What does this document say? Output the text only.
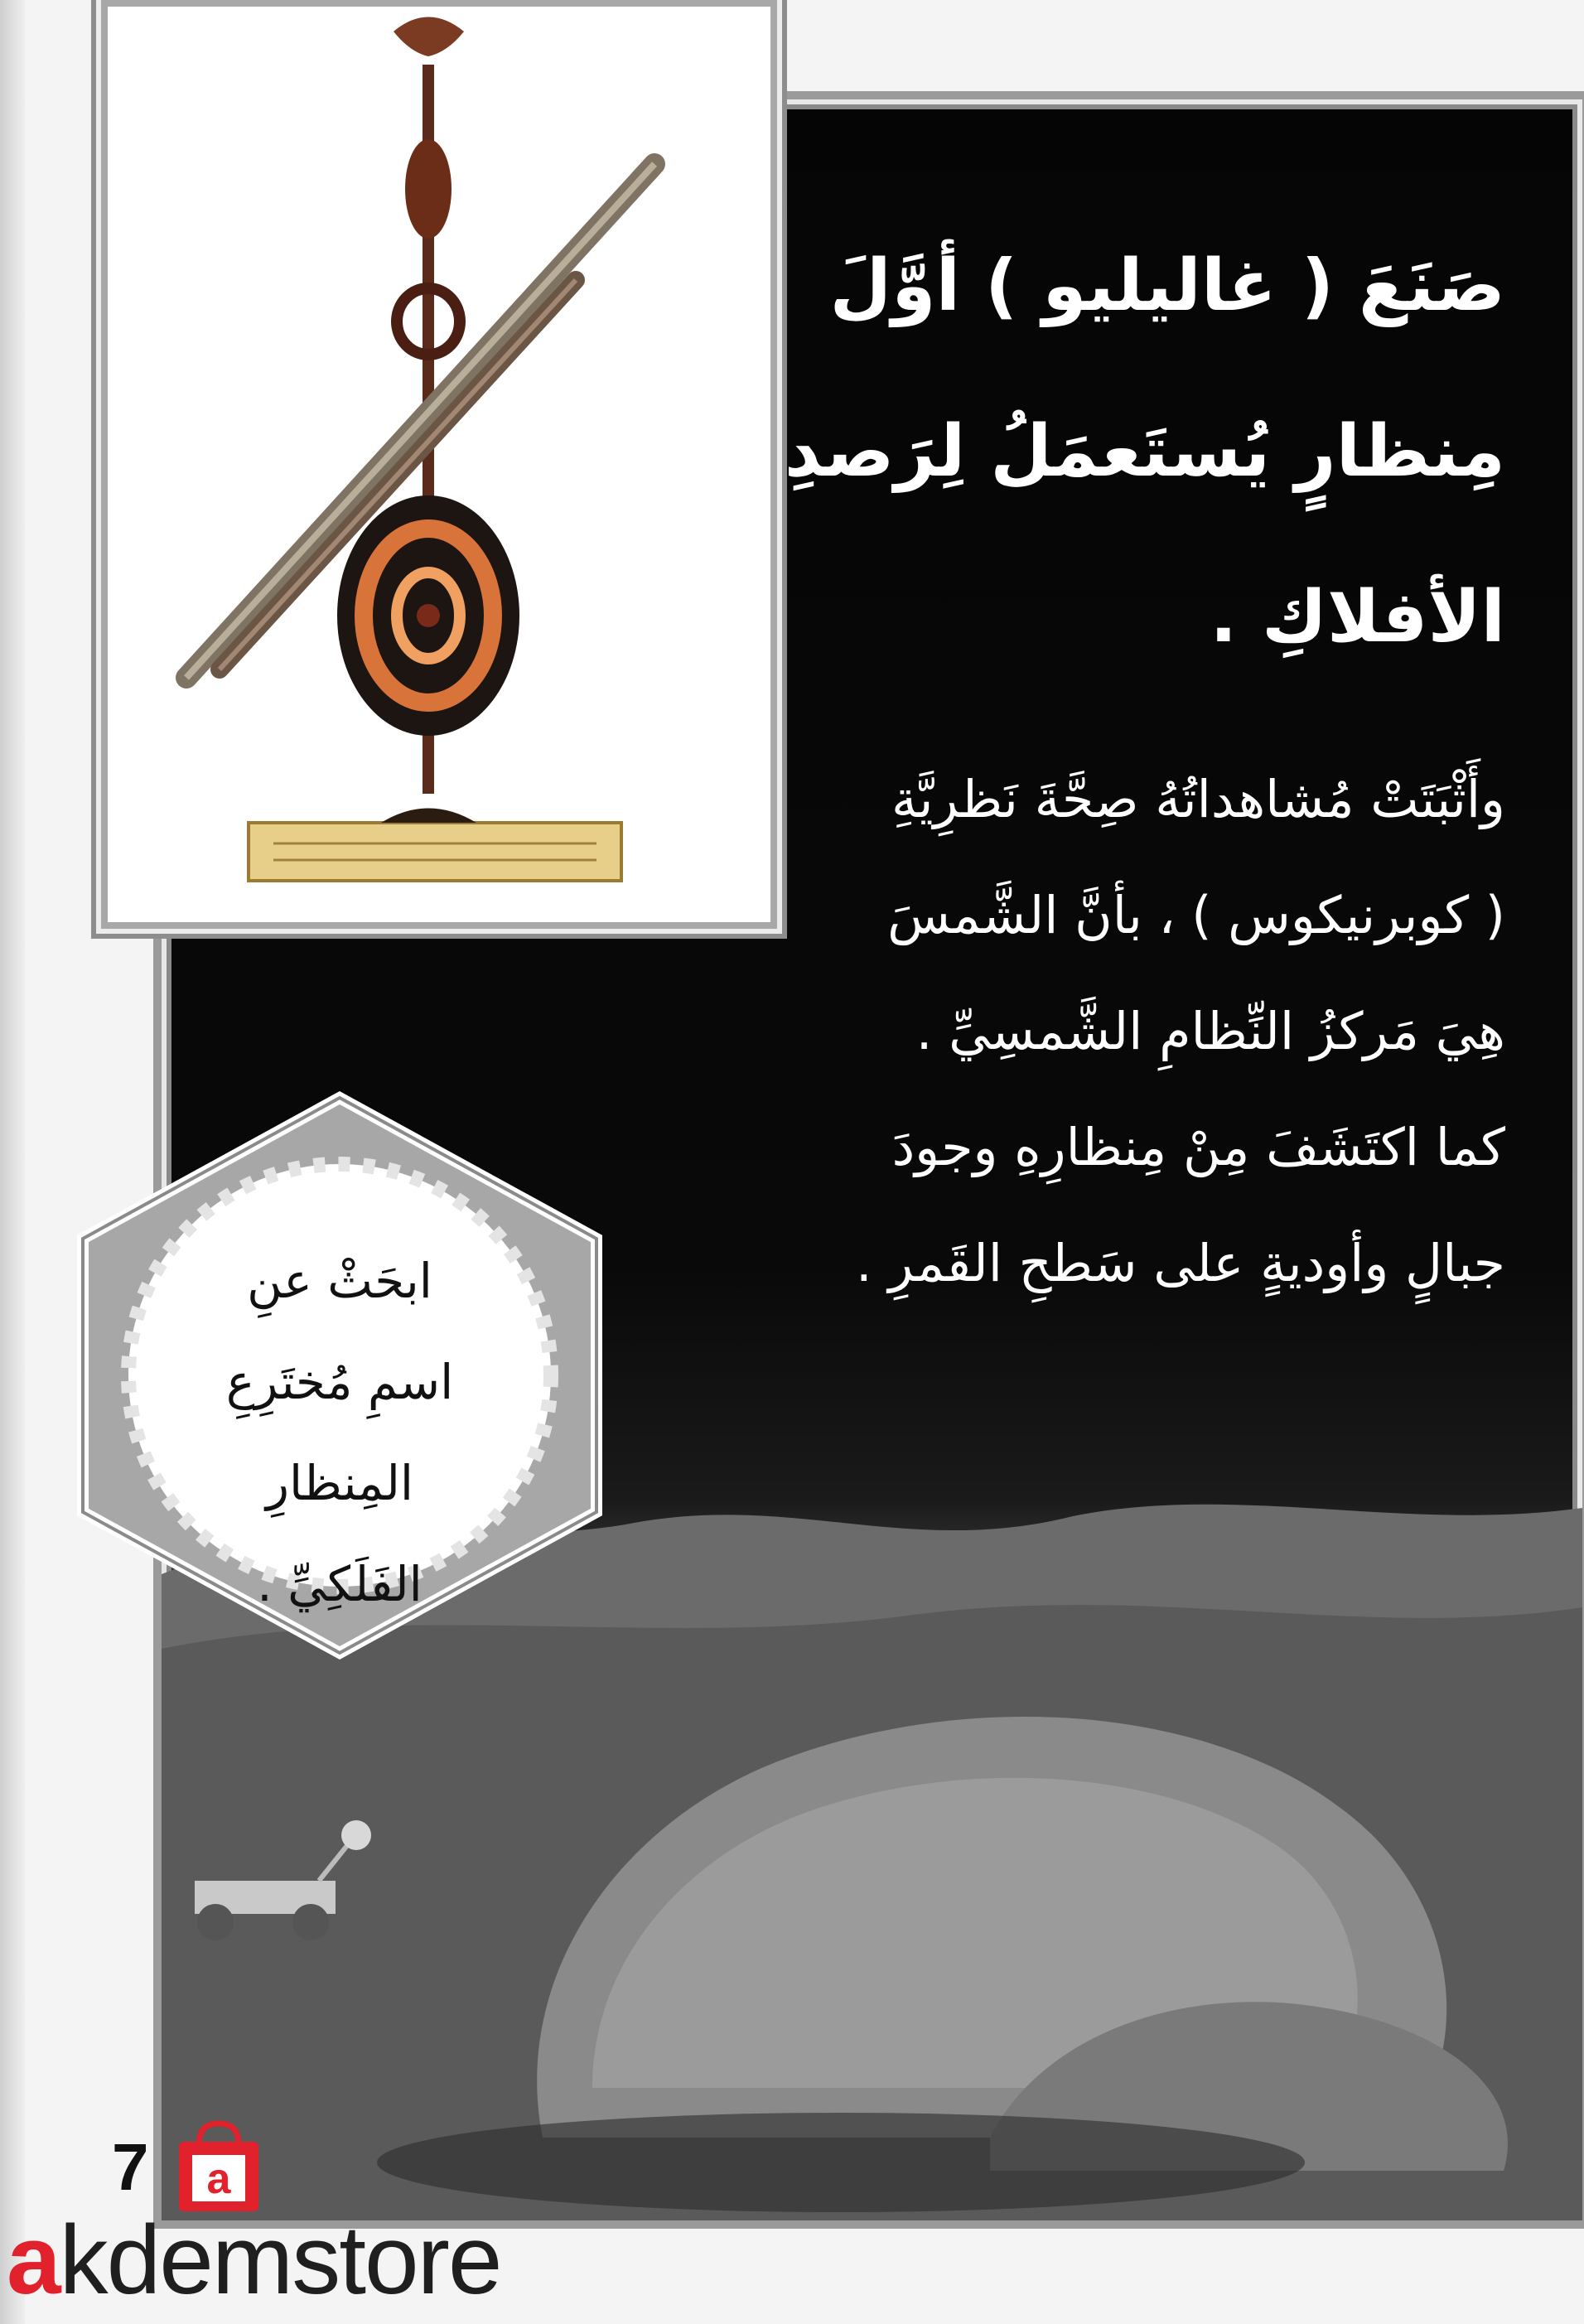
صَنَعَ ( غاليليو ) أوَّلَ
مِنظارٍ يُستَعمَلُ لِرَصدِ
الأفلاكِ .

وأَثْبَتَتْ مُشاهداتُهُ صِحَّةَ نَظرِيَّةِ

( كوبرنيكوس ) ، بأنَّ الشَّمسَ

هِيَ مَركزُ النِّظامِ الشَّمسِيِّ .

كما اكتَشَفَ مِنْ مِنظارِهِ وجودَ

جبالٍ وأوديةٍ على سَطحِ القَمرِ .

ابحَثْ عنِ

اسمِ مُختَرِعِ المِنظارِ

الفَلَكِيِّ .

7 a
akdemstore
